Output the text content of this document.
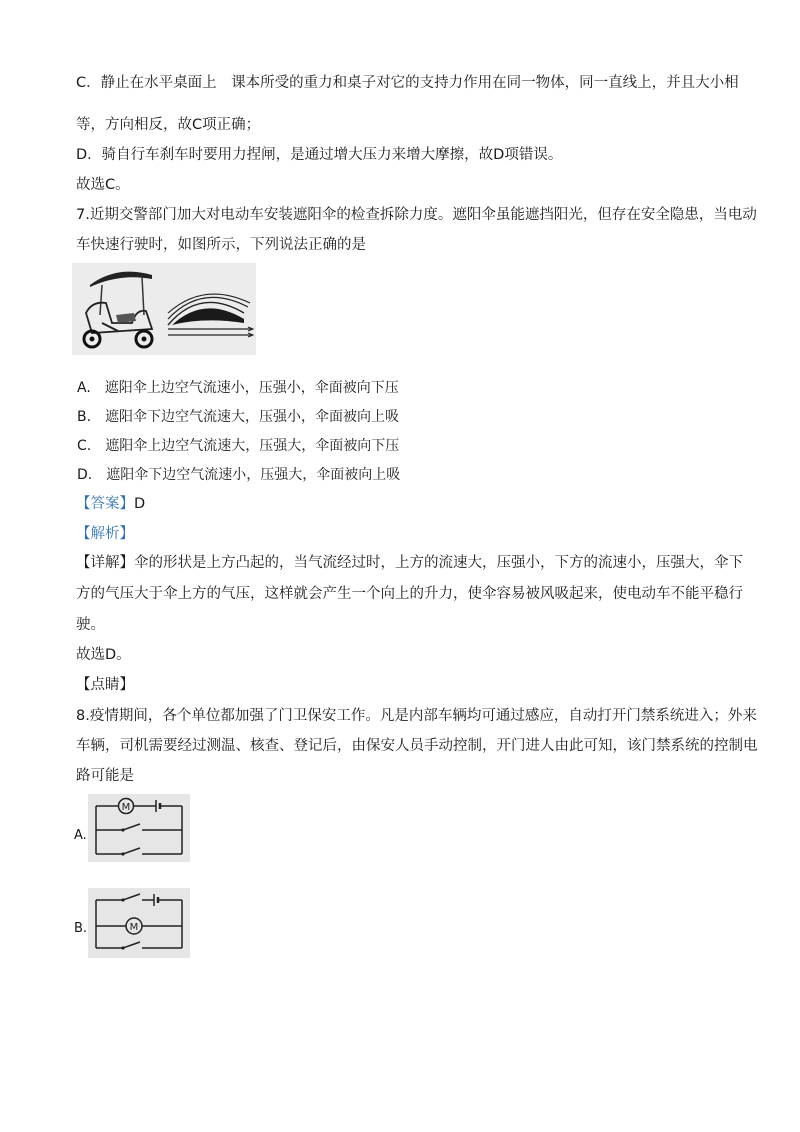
C．静止在水平桌面上　课本所受的重力和桌子对它的支持力作用在同一物体，同一直线上，并且大小相
等，方向相反，故C项正确；
D．骑自行车刹车时要用力捏闸，是通过增大压力来增大摩擦，故D项错误。
故选C。
7.近期交警部门加大对电动车安装遮阳伞的检查拆除力度。遮阳伞虽能遮挡阳光，但存在安全隐患，当电动
车快速行驶时，如图所示，下列说法正确的是
A.　遮阳伞上边空气流速小，压强小，伞面被向下压
B.　遮阳伞下边空气流速大，压强小，伞面被向上吸
C.　遮阳伞上边空气流速大，压强大，伞面被向下压
D.　遮阳伞下边空气流速小，压强大，伞面被向上吸
【答案】D
【解析】
【详解】伞的形状是上方凸起的，当气流经过时，上方的流速大，压强小，下方的流速小，压强大，伞下
方的气压大于伞上方的气压，这样就会产生一个向上的升力，使伞容易被风吸起来，使电动车不能平稳行
驶。
故选D。
【点睛】
8.疫情期间，各个单位都加强了门卫保安工作。凡是内部车辆均可通过感应，自动打开门禁系统进入；外来
车辆，司机需要经过测温、核查、登记后，由保安人员手动控制，开门进人由此可知，该门禁系统的控制电
路可能是
A.
M
B.	M
